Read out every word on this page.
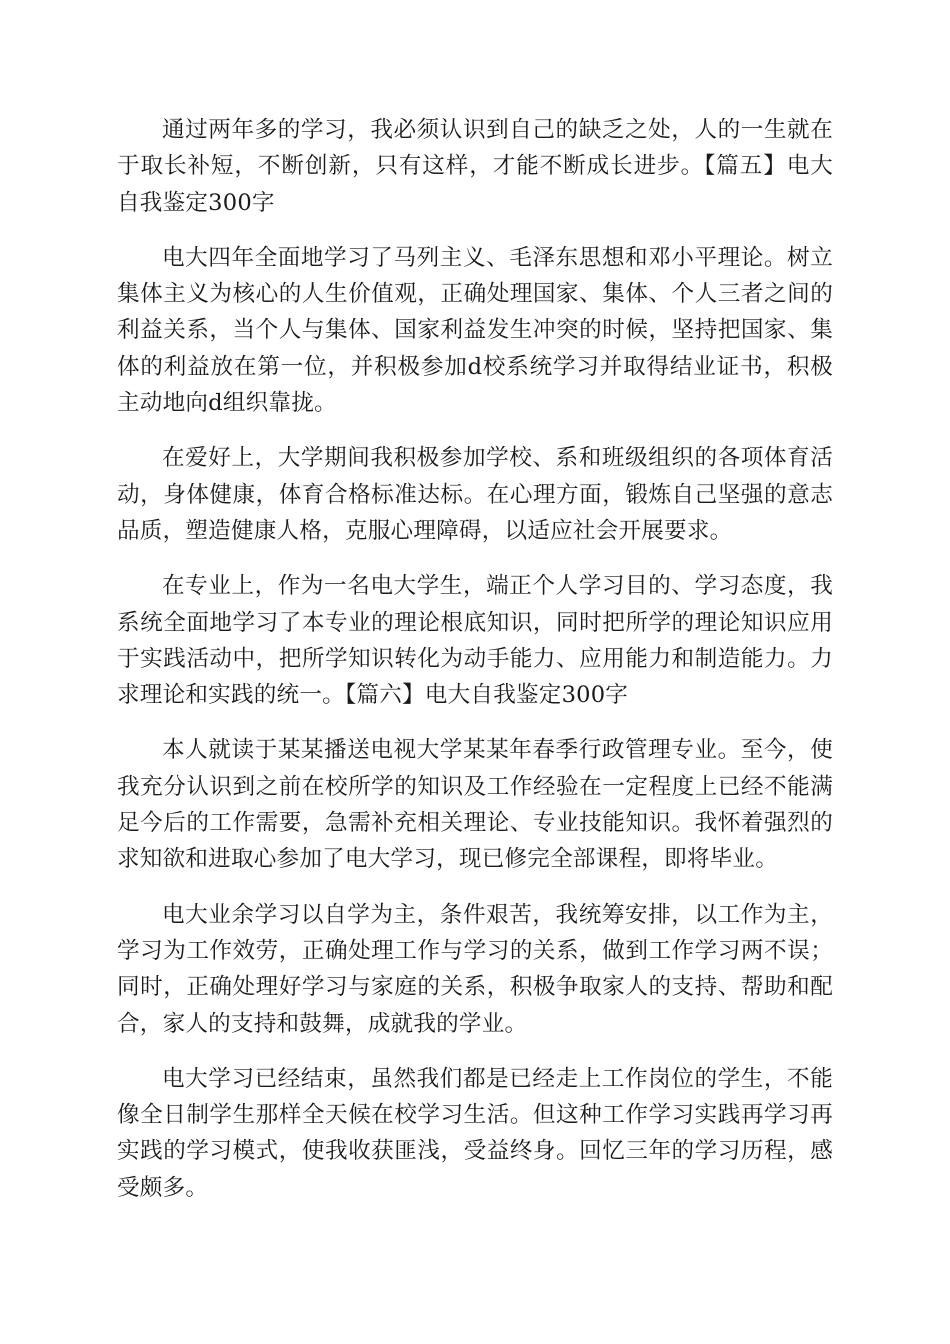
通过两年多的学习，我必须认识到自己的缺乏之处，人的一生就在于取长补短，不断创新，只有这样，才能不断成长进步。【篇五】电大自我鉴定300字

电大四年全面地学习了马列主义、毛泽东思想和邓小平理论。树立集体主义为核心的人生价值观，正确处理国家、集体、个人三者之间的利益关系，当个人与集体、国家利益发生冲突的时候，坚持把国家、集体的利益放在第一位，并积极参加d校系统学习并取得结业证书，积极主动地向d组织靠拢。

在爱好上，大学期间我积极参加学校、系和班级组织的各项体育活动，身体健康，体育合格标准达标。在心理方面，锻炼自己坚强的意志品质，塑造健康人格，克服心理障碍，以适应社会开展要求。

在专业上，作为一名电大学生，端正个人学习目的、学习态度，我系统全面地学习了本专业的理论根底知识，同时把所学的理论知识应用于实践活动中，把所学知识转化为动手能力、应用能力和制造能力。力求理论和实践的统一。【篇六】电大自我鉴定300字

本人就读于某某播送电视大学某某年春季行政管理专业。至今，使我充分认识到之前在校所学的知识及工作经验在一定程度上已经不能满足今后的工作需要，急需补充相关理论、专业技能知识。我怀着强烈的求知欲和进取心参加了电大学习，现已修完全部课程，即将毕业。

电大业余学习以自学为主，条件艰苦，我统筹安排，以工作为主，学习为工作效劳，正确处理工作与学习的关系，做到工作学习两不误；同时，正确处理好学习与家庭的关系，积极争取家人的支持、帮助和配合，家人的支持和鼓舞，成就我的学业。

电大学习已经结束，虽然我们都是已经走上工作岗位的学生，不能像全日制学生那样全天候在校学习生活。但这种工作学习实践再学习再实践的学习模式，使我收获匪浅，受益终身。回忆三年的学习历程，感受颇多。
